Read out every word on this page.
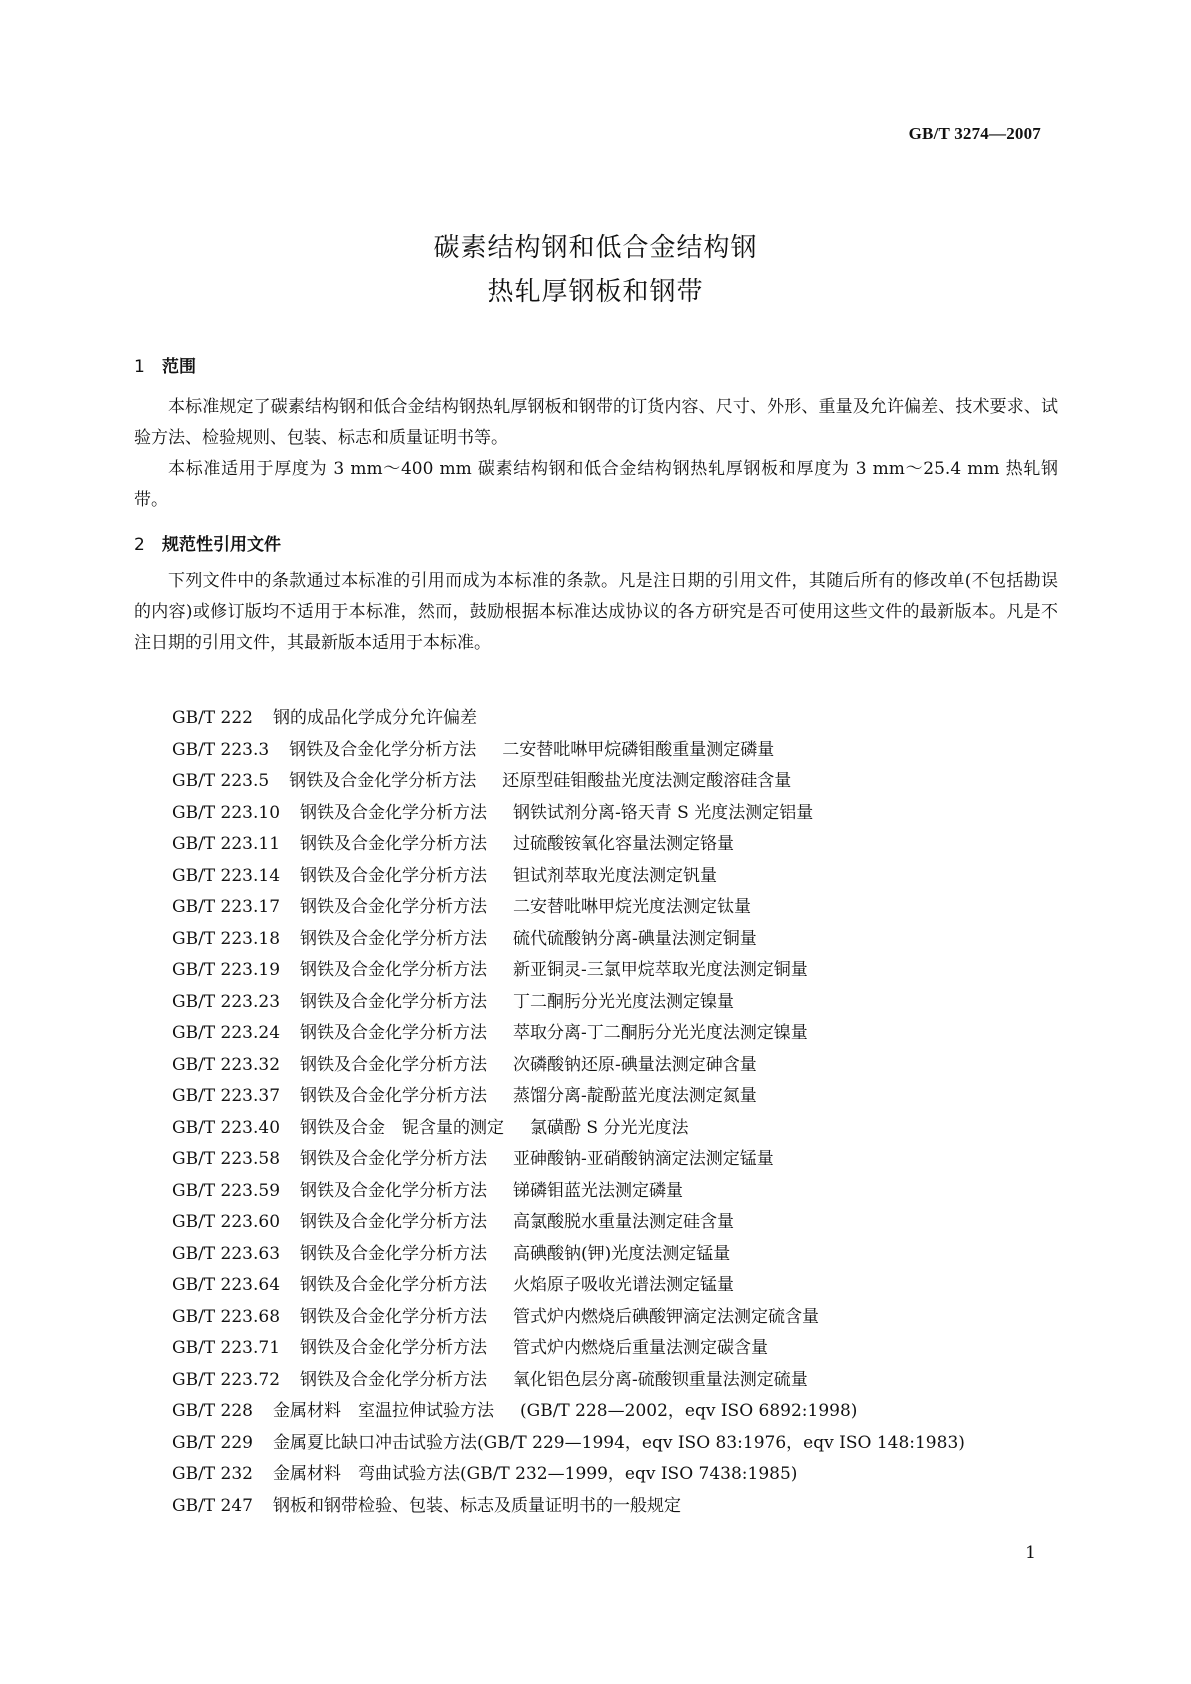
GB/T 3274—2007
碳素结构钢和低合金结构钢
热轧厚钢板和钢带
1 范围

本标准规定了碳素结构钢和低合金结构钢热轧厚钢板和钢带的订货内容、尺寸、外形、重量及允许偏差、技术要求、试验方法、检验规则、包装、标志和质量证明书等。

本标准适用于厚度为 3 mm～400 mm 碳素结构钢和低合金结构钢热轧厚钢板和厚度为 3 mm～25.4 mm 热轧钢带。

2 规范性引用文件

下列文件中的条款通过本标准的引用而成为本标准的条款。凡是注日期的引用文件，其随后所有的修改单(不包括勘误的内容)或修订版均不适用于本标准，然而，鼓励根据本标准达成协议的各方研究是否可使用这些文件的最新版本。凡是不注日期的引用文件，其最新版本适用于本标准。

GB/T 222 钢的成品化学成分允许偏差
GB/T 223.3 钢铁及合金化学分析方法 二安替吡啉甲烷磷钼酸重量测定磷量
GB/T 223.5 钢铁及合金化学分析方法 还原型硅钼酸盐光度法测定酸溶硅含量
GB/T 223.10 钢铁及合金化学分析方法 钢铁试剂分离-铬天青 S 光度法测定铝量
GB/T 223.11 钢铁及合金化学分析方法 过硫酸铵氧化容量法测定铬量
GB/T 223.14 钢铁及合金化学分析方法 钽试剂萃取光度法测定钒量
GB/T 223.17 钢铁及合金化学分析方法 二安替吡啉甲烷光度法测定钛量
GB/T 223.18 钢铁及合金化学分析方法 硫代硫酸钠分离-碘量法测定铜量
GB/T 223.19 钢铁及合金化学分析方法 新亚铜灵-三氯甲烷萃取光度法测定铜量
GB/T 223.23 钢铁及合金化学分析方法 丁二酮肟分光光度法测定镍量
GB/T 223.24 钢铁及合金化学分析方法 萃取分离-丁二酮肟分光光度法测定镍量
GB/T 223.32 钢铁及合金化学分析方法 次磷酸钠还原-碘量法测定砷含量
GB/T 223.37 钢铁及合金化学分析方法 蒸馏分离-靛酚蓝光度法测定氮量
GB/T 223.40 钢铁及合金　铌含量的测定 氯磺酚 S 分光光度法
GB/T 223.58 钢铁及合金化学分析方法 亚砷酸钠-亚硝酸钠滴定法测定锰量
GB/T 223.59 钢铁及合金化学分析方法 锑磷钼蓝光法测定磷量
GB/T 223.60 钢铁及合金化学分析方法 高氯酸脱水重量法测定硅含量
GB/T 223.63 钢铁及合金化学分析方法 高碘酸钠(钾)光度法测定锰量
GB/T 223.64 钢铁及合金化学分析方法 火焰原子吸收光谱法测定锰量
GB/T 223.68 钢铁及合金化学分析方法 管式炉内燃烧后碘酸钾滴定法测定硫含量
GB/T 223.71 钢铁及合金化学分析方法 管式炉内燃烧后重量法测定碳含量
GB/T 223.72 钢铁及合金化学分析方法 氧化铝色层分离-硫酸钡重量法测定硫量
GB/T 228 金属材料　室温拉伸试验方法 (GB/T 228—2002，eqv ISO 6892:1998)
GB/T 229 金属夏比缺口冲击试验方法(GB/T 229—1994，eqv ISO 83:1976，eqv ISO 148:1983)
GB/T 232 金属材料　弯曲试验方法(GB/T 232—1999，eqv ISO 7438:1985)
GB/T 247 钢板和钢带检验、包装、标志及质量证明书的一般规定
1
